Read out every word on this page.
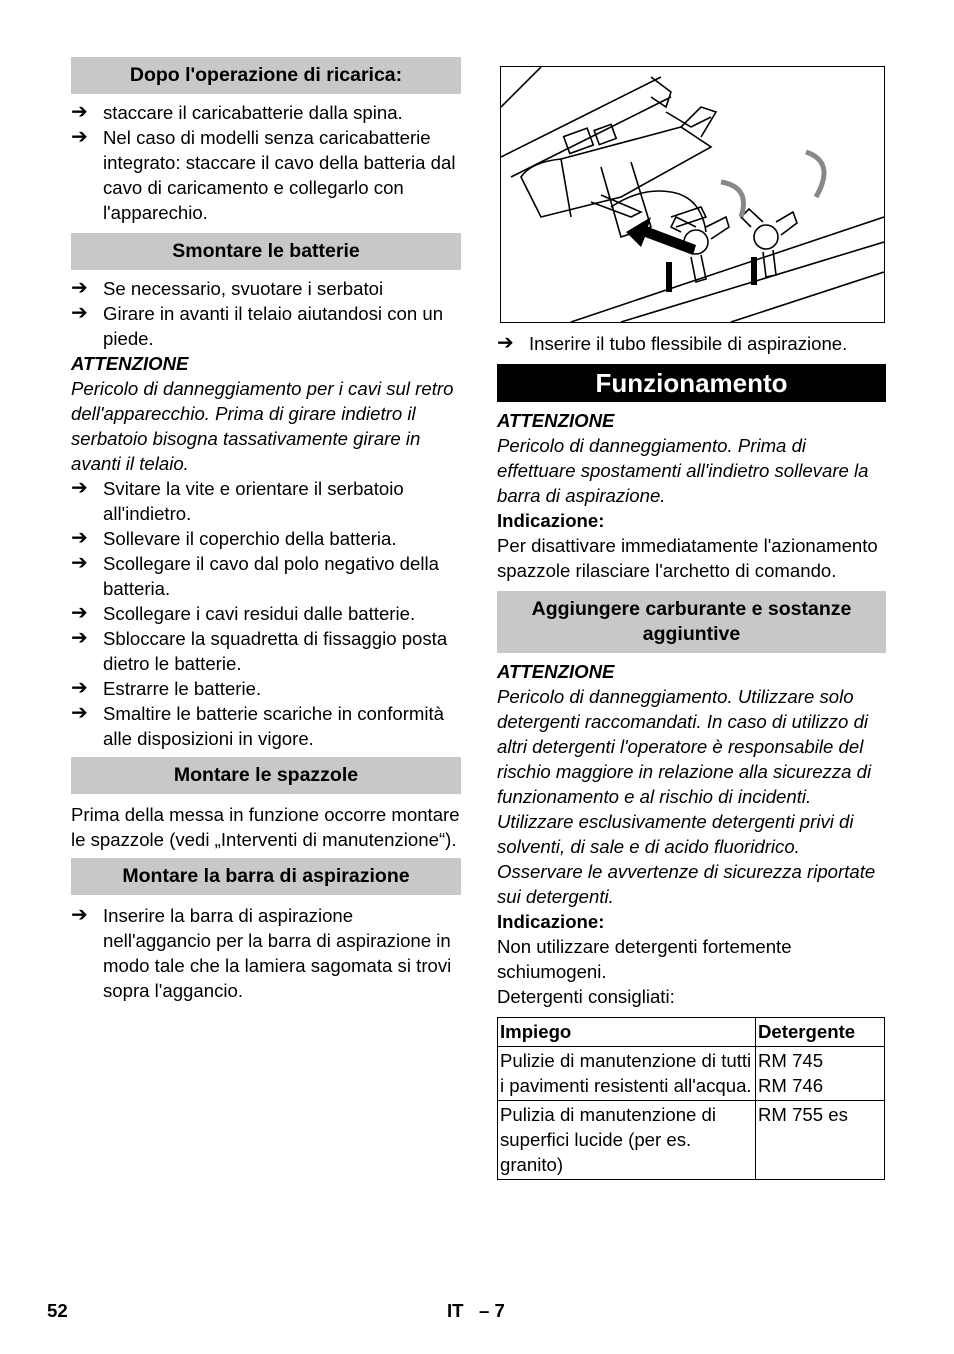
Dopo l'operazione di ricarica:
➔ staccare il caricabatterie dalla spina.
➔ Nel caso di modelli senza caricabatterie integrato: staccare il cavo della batteria dal cavo di caricamento e collegarlo con l'apparechio.
Smontare le batterie
➔ Se necessario, svuotare i serbatoi
➔ Girare in avanti il telaio aiutandosi con un piede.
ATTENZIONE
Pericolo di danneggiamento per i cavi sul retro dell'apparecchio. Prima di girare indietro il serbatoio bisogna tassativamente girare in avanti il telaio.
➔ Svitare la vite e orientare il serbatoio all'indietro.
➔ Sollevare il coperchio della batteria.
➔ Scollegare il cavo dal polo negativo della batteria.
➔ Scollegare i cavi residui dalle batterie.
➔ Sbloccare la squadretta di fissaggio posta dietro le batterie.
➔ Estrarre le batterie.
➔ Smaltire le batterie scariche in conformità alle disposizioni in vigore.
Montare le spazzole
Prima della messa in funzione occorre montare le spazzole (vedi „Interventi di manutenzione“).
Montare la barra di aspirazione
➔ Inserire la barra di aspirazione nell'aggancio per la barra di aspirazione in modo tale che la lamiera sagomata si trovi sopra l'aggancio.
➔ Inserire il tubo flessibile di aspirazione.
Funzionamento
ATTENZIONE
Pericolo di danneggiamento. Prima di effettuare spostamenti all'indietro sollevare la barra di aspirazione.
Indicazione:
Per disattivare immediatamente l'azionamento spazzole rilasciare l'archetto di comando.
Aggiungere carburante e sostanze aggiuntive
ATTENZIONE
Pericolo di danneggiamento. Utilizzare solo detergenti raccomandati. In caso di utilizzo di altri detergenti l'operatore è responsabile del rischio maggiore in relazione alla sicurezza di funzionamento e al rischio di incidenti. Utilizzare esclusivamente detergenti privi di solventi, di sale e di acido fluoridrico. Osservare le avvertenze di sicurezza riportate sui detergenti.
Indicazione:
Non utilizzare detergenti fortemente schiumogeni.
Detergenti consigliati:
Impiego	Detergente
Pulizie di manutenzione di tutti i pavimenti resistenti all'acqua.	RM 745
RM 746
Pulizia di manutenzione di superfici lucide (per es. granito)	RM 755 es
52	IT   – 7
